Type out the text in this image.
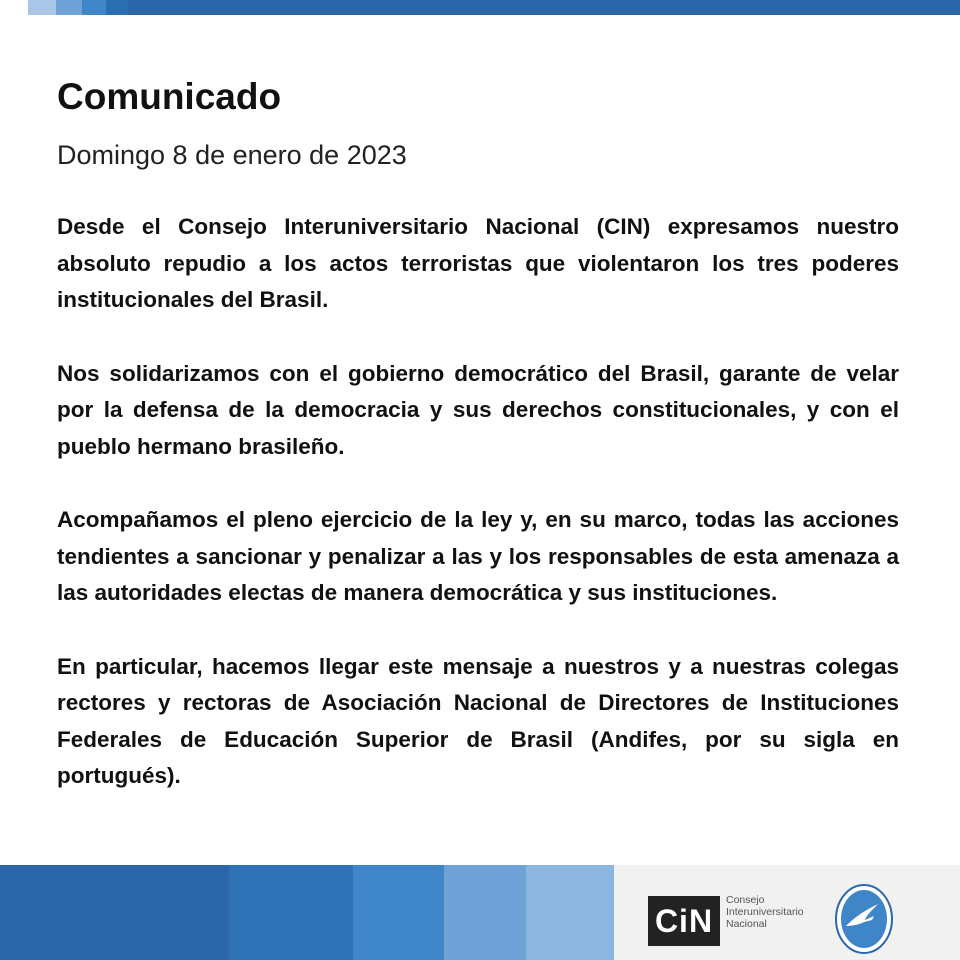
Comunicado
Domingo 8 de enero de 2023

Desde el Consejo Interuniversitario Nacional (CIN) expresamos nuestro absoluto repudio a los actos terroristas que violentaron los tres poderes institucionales del Brasil.

Nos solidarizamos con el gobierno democrático del Brasil, garante de velar por la defensa de la democracia y sus derechos constitucionales, y con el pueblo hermano brasileño.

Acompañamos el pleno ejercicio de la ley y, en su marco, todas las acciones tendientes a sancionar y penalizar a las y los responsables de esta amenaza a las autoridades electas de manera democrática y sus instituciones.

En particular, hacemos llegar este mensaje a nuestros y a nuestras colegas rectores y rectoras de Asociación Nacional de Directores de Instituciones Federales de Educación Superior de Brasil (Andifes, por su sigla en portugués).

CiN
Consejo
Interuniversitario
Nacional
